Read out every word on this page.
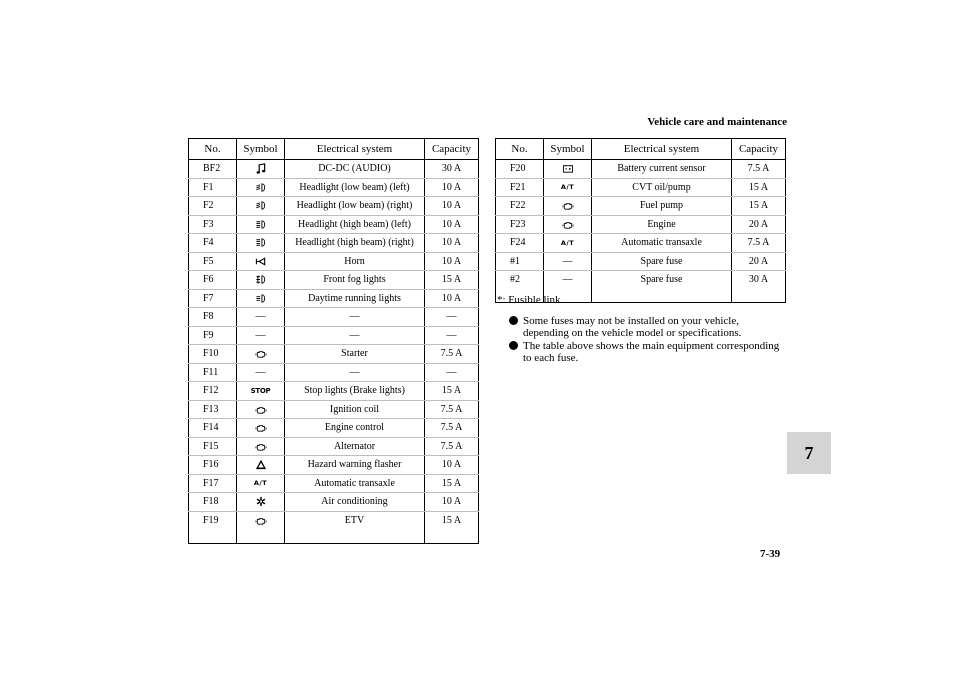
Vehicle care and maintenance
No.	Symbol	Electrical system	Capacity
BF2		DC-DC (AUDIO)	30 A
F1		Headlight (low beam) (left)	10 A
F2		Headlight (low beam) (right)	10 A
F3		Headlight (high beam) (left)	10 A
F4		Headlight (high beam) (right)	10 A
F5		Horn	10 A
F6		Front fog lights	15 A
F7		Daytime running lights	10 A
F8	—	—	—
F9	—	—	—
F10		Starter	7.5 A
F11	—	—	—
F12	STOP	Stop lights (Brake lights)	15 A
F13		Ignition coil	7.5 A
F14		Engine control	7.5 A
F15		Alternator	7.5 A
F16		Hazard warning flasher	10 A
F17	A/T	Automatic transaxle	15 A
F18		Air conditioning	10 A
F19		ETV	15 A
No.	Symbol	Electrical system	Capacity
F20		Battery current sensor	7.5 A
F21	A/T	CVT oil/pump	15 A
F22		Fuel pump	15 A
F23		Engine	20 A
F24	A/T	Automatic transaxle	7.5 A
#1	—	Spare fuse	20 A
#2	—	Spare fuse	30 A
*: Fusible link
Some fuses may not be installed on your vehicle, depending on the vehicle model or specifications.
The table above shows the main equipment corresponding to each fuse.
7
7-39
